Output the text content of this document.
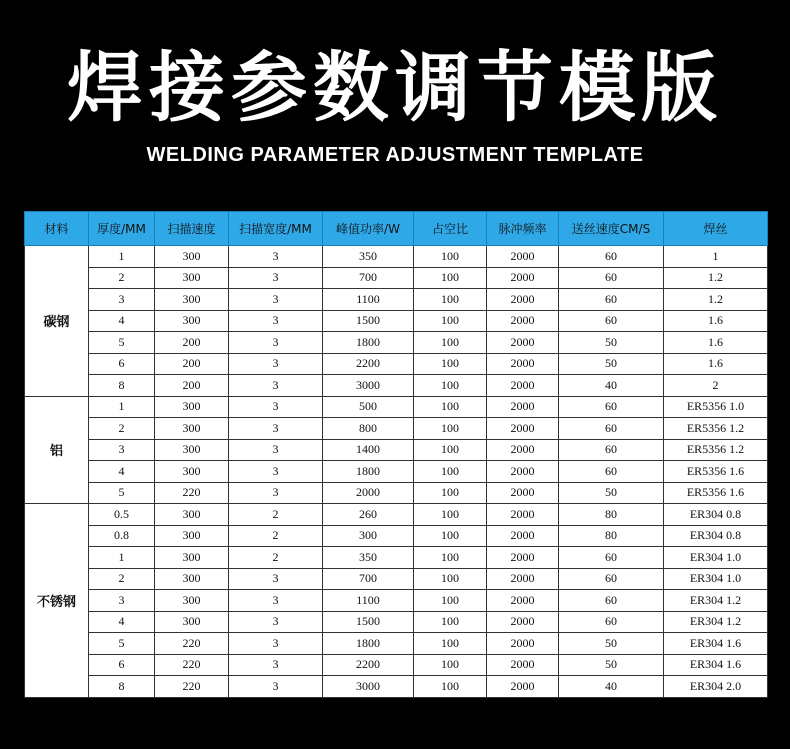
焊接参数调节模版
WELDING PARAMETER ADJUSTMENT TEMPLATE
材料	厚度/MM	扫描速度	扫描宽度/MM	峰值功率/W	占空比	脉冲频率	送丝速度CM/S	焊丝
碳钢	1	300	3	350	100	2000	60	1
	2	300	3	700	100	2000	60	1.2
	3	300	3	1100	100	2000	60	1.2
	4	300	3	1500	100	2000	60	1.6
	5	200	3	1800	100	2000	50	1.6
	6	200	3	2200	100	2000	50	1.6
	8	200	3	3000	100	2000	40	2
铝	1	300	3	500	100	2000	60	ER5356 1.0
	2	300	3	800	100	2000	60	ER5356 1.2
	3	300	3	1400	100	2000	60	ER5356 1.2
	4	300	3	1800	100	2000	60	ER5356 1.6
	5	220	3	2000	100	2000	50	ER5356 1.6
不锈钢	0.5	300	2	260	100	2000	80	ER304 0.8
	0.8	300	2	300	100	2000	80	ER304 0.8
	1	300	2	350	100	2000	60	ER304 1.0
	2	300	3	700	100	2000	60	ER304 1.0
	3	300	3	1100	100	2000	60	ER304 1.2
	4	300	3	1500	100	2000	60	ER304 1.2
	5	220	3	1800	100	2000	50	ER304 1.6
	6	220	3	2200	100	2000	50	ER304 1.6
	8	220	3	3000	100	2000	40	ER304 2.0
